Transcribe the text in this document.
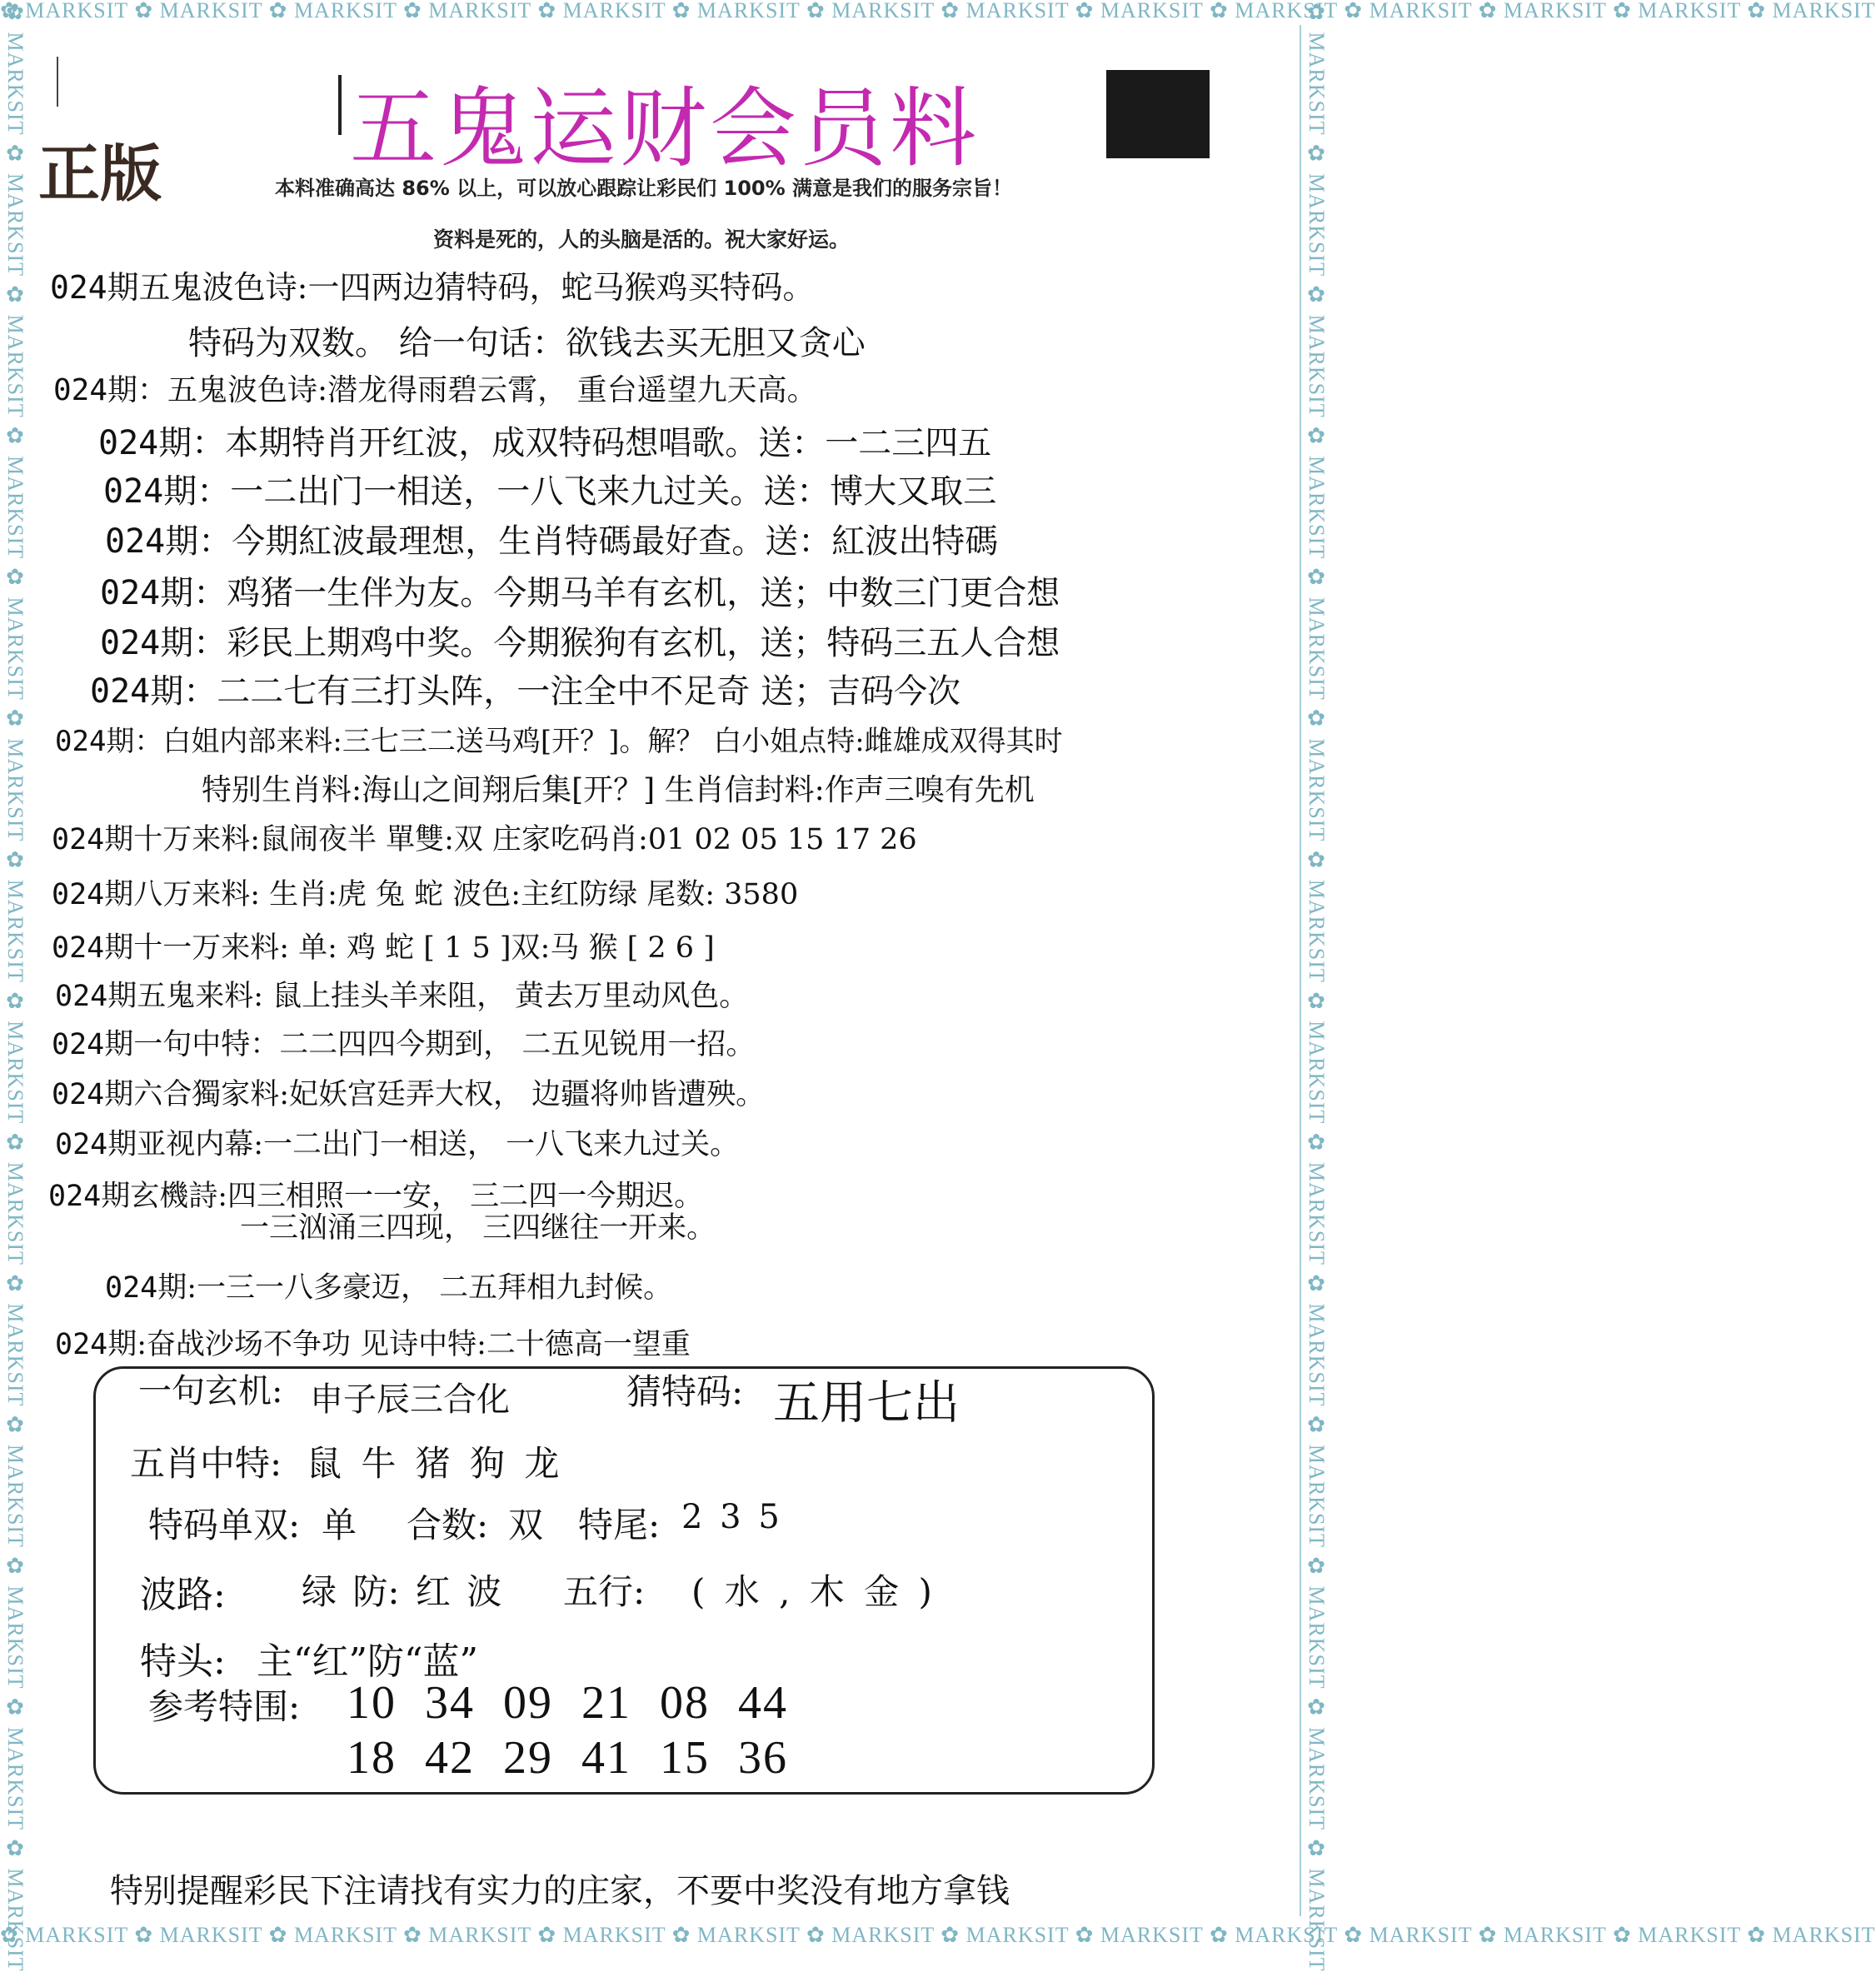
✿ MARKSIT ✿ MARKSIT ✿ MARKSIT ✿ MARKSIT ✿ MARKSIT ✿ MARKSIT ✿ MARKSIT ✿ MARKSIT ✿ MARKSIT ✿ MARKSIT ✿ MARKSIT ✿ MARKSIT ✿ MARKSIT ✿ MARKSIT
✿ MARKSIT ✿ MARKSIT ✿ MARKSIT ✿ MARKSIT ✿ MARKSIT ✿ MARKSIT ✿ MARKSIT ✿ MARKSIT ✿ MARKSIT ✿ MARKSIT ✿ MARKSIT ✿ MARKSIT ✿ MARKSIT ✿ MARKSIT
✿ MARKSIT ✿ MARKSIT ✿ MARKSIT ✿ MARKSIT ✿ MARKSIT ✿ MARKSIT ✿ MARKSIT ✿ MARKSIT ✿ MARKSIT ✿ MARKSIT ✿ MARKSIT ✿ MARKSIT ✿ MARKSIT ✿ MARKSIT	✿ MARKSIT ✿ MARKSIT ✿ MARKSIT ✿ MARKSIT ✿ MARKSIT ✿ MARKSIT ✿ MARKSIT ✿ MARKSIT ✿ MARKSIT ✿ MARKSIT ✿ MARKSIT ✿ MARKSIT ✿ MARKSIT ✿ MARKSIT
正版 五鬼运财会员料
本料准确高达 86% 以上，可以放心跟踪让彩民们 100% 满意是我们的服务宗旨！
资料是死的，人的头脑是活的。祝大家好运。
024期五鬼波色诗:一四两边猜特码，蛇马猴鸡买特码。
特码为双数。 给一句话：欲钱去买无胆又贪心
024期：五鬼波色诗:潜龙得雨碧云霄， 重台遥望九天高。
024期：本期特肖开红波，成双特码想唱歌。送：一二三四五
024期：一二出门一相送，一八飞来九过关。送：博大又取三
024期：今期紅波最理想，生肖特碼最好查。送：紅波出特碼
024期：鸡猪一生伴为友。今期马羊有玄机，送；中数三门更合想
024期：彩民上期鸡中奖。今期猴狗有玄机，送；特码三五人合想
024期：二二七有三打头阵，一注全中不足奇 送；吉码今次
024期：白姐内部来料:三七三二送马鸡[开？]。解？ 白小姐点特:雌雄成双得其时
特别生肖料:海山之间翔后集[开？] 生肖信封料:作声三嗅有先机
024期十万来料:鼠闹夜半 單雙:双 庄家吃码肖:01 02 05 15 17 26
024期八万来料: 生肖:虎 兔 蛇 波色:主红防绿 尾数: 3580
024期十一万来料: 单: 鸡 蛇 [ 1 5 ]双:马 猴 [ 2 6 ]
024期五鬼来料: 鼠上挂头羊来阻， 黄去万里动风色。
024期一句中特：二二四四今期到， 二五见锐用一招。
024期六合獨家料:妃妖宫廷弄大权， 边疆将帅皆遭殃。
024期亚视内幕:一二出门一相送， 一八飞来九过关。
024期玄機詩:四三相照一一安， 三二四一今期迟。
一三汹涌三四现， 三四继往一开来。
024期:一三一八多豪迈， 二五拜相九封候。
024期:奋战沙场不争功 见诗中特:二十德高一望重
一句玄机: 申子辰三合化	猜特码: 五用七出
五肖中特: 鼠 牛 猪 狗 龙
特码单双: 单 合数: 双 特尾: 2 3 5
波路: 绿 防: 红 波 五行: ( 水 , 木 金 )
特头: 主“红”防“蓝”
参考特围: 10 34 09 21 08 44
18 42 29 41 15 36
特别提醒彩民下注请找有实力的庄家，不要中奖没有地方拿钱
